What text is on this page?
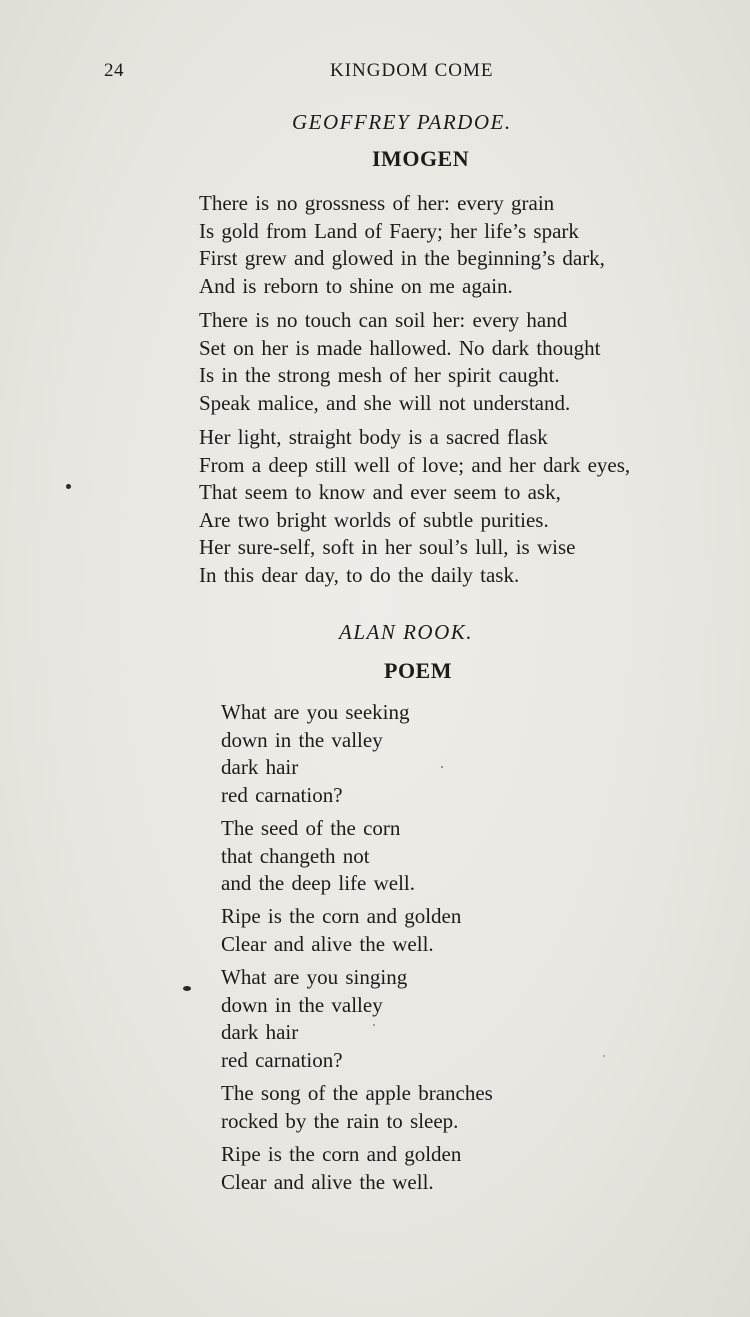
24	KINGDOM COME
GEOFFREY PARDOE.
IMOGEN
There is no grossness of her: every grain
Is gold from Land of Faery; her life’s spark
First grew and glowed in the beginning’s dark,
And is reborn to shine on me again.
There is no touch can soil her: every hand
Set on her is made hallowed. No dark thought
Is in the strong mesh of her spirit caught.
Speak malice, and she will not understand.
Her light, straight body is a sacred flask
From a deep still well of love; and her dark eyes,
That seem to know and ever seem to ask,
Are two bright worlds of subtle purities.
Her sure-self, soft in her soul’s lull, is wise
In this dear day, to do the daily task.
ALAN ROOK.
POEM
What are you seeking
down in the valley
dark hair
red carnation?
The seed of the corn
that changeth not
and the deep life well.
Ripe is the corn and golden
Clear and alive the well.
What are you singing
down in the valley
dark hair
red carnation?
The song of the apple branches
rocked by the rain to sleep.
Ripe is the corn and golden
Clear and alive the well.
